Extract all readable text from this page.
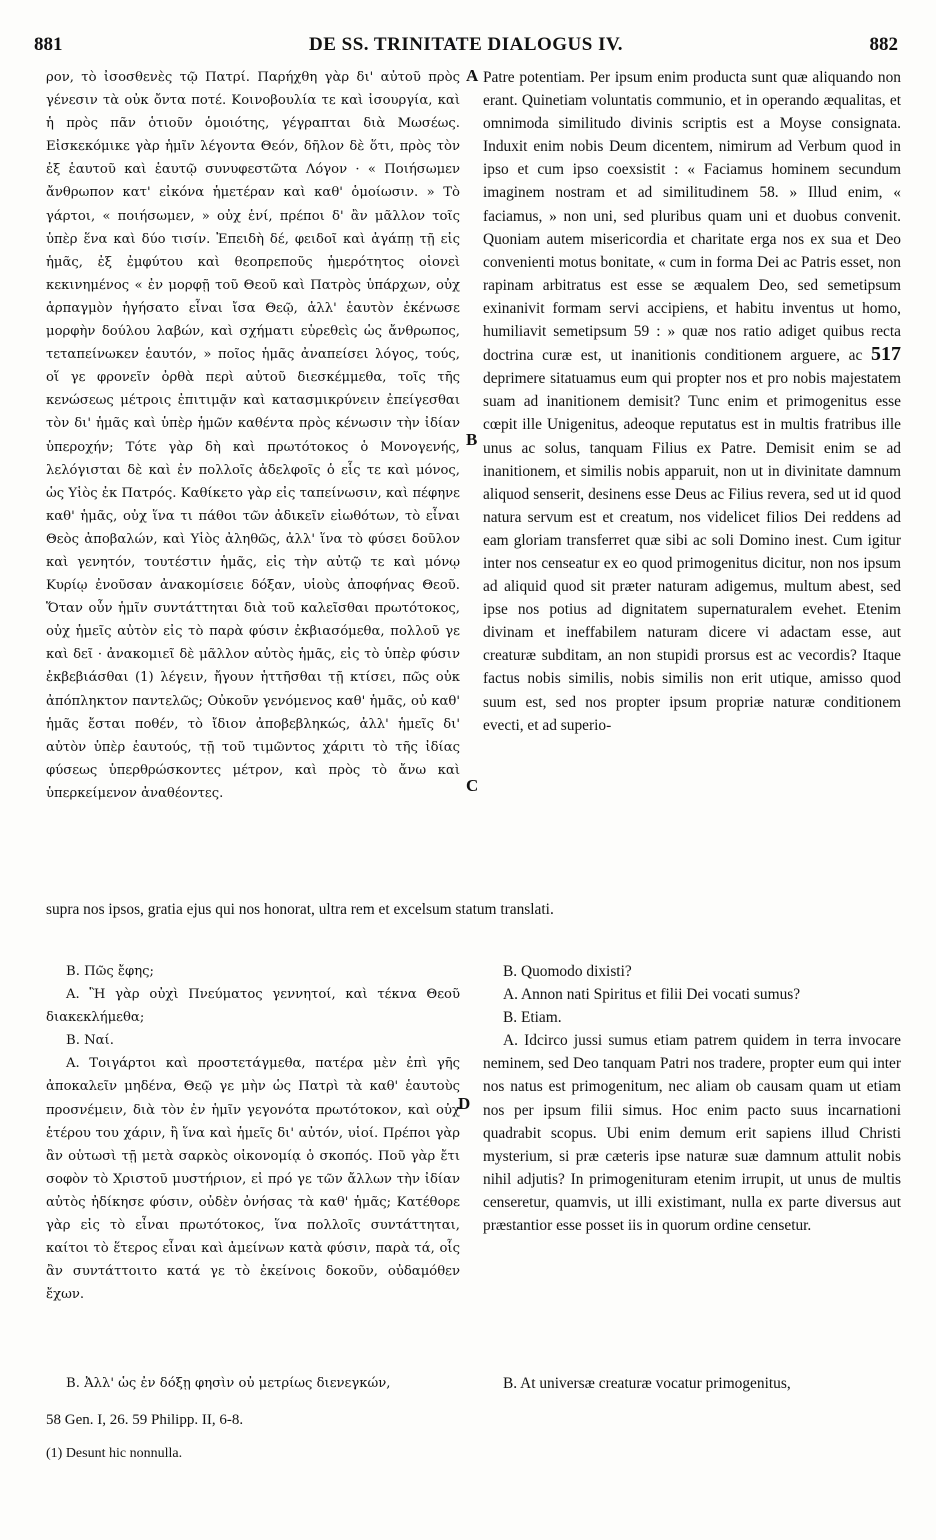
881	DE SS. TRINITATE DIALOGUS IV.	882

ρον, τὸ ἰσοσθενὲς τῷ Πατρί. Παρήχθη γὰρ δι' αὐτοῦ πρὸς γένεσιν τὰ οὐκ ὄντα ποτέ. Κοινοβουλία τε καὶ ἰσουργία, καὶ ἡ πρὸς πᾶν ὁτιοῦν ὁμοιότης, γέγραπται διὰ Μωσέως. Εἰσκεκόμικε γὰρ ἡμῖν λέγοντα Θεόν, δῆλον δὲ ὅτι, πρὸς τὸν ἐξ ἑαυτοῦ καὶ ἑαυτῷ συνυφεστῶτα Λόγον · « Ποιήσωμεν ἄνθρωπον κατ' εἰκόνα ἡμετέραν καὶ καθ' ὁμοίωσιν. » Τὸ γάρτοι, « ποιήσωμεν, » οὐχ ἑνί, πρέποι δ' ἂν μᾶλλον τοῖς ὑπὲρ ἕνα καὶ δύο τισίν. Ἐπειδὴ δέ, φειδοῖ καὶ ἀγάπῃ τῇ εἰς ἡμᾶς, ἐξ ἐμφύτου καὶ θεοπρεποῦς ἡμερότητος οἱονεὶ κεκινημένος « ἐν μορφῇ τοῦ Θεοῦ καὶ Πατρὸς ὑπάρχων, οὐχ ἁρπαγμὸν ἡγήσατο εἶναι ἴσα Θεῷ, ἀλλ' ἑαυτὸν ἐκένωσε μορφὴν δούλου λαβών, καὶ σχήματι εὑρεθεὶς ὡς ἄνθρωπος, τεταπείνωκεν ἑαυτόν, » ποῖος ἡμᾶς ἀναπείσει λόγος, τούς, οἵ γε φρονεῖν ὀρθὰ περὶ αὐτοῦ διεσκέμμεθα, τοῖς τῆς κενώσεως μέτροις ἐπιτιμᾷν καὶ κατασμικρύνειν ἐπείγεσθαι τὸν δι' ἡμᾶς καὶ ὑπὲρ ἡμῶν καθέντα πρὸς κένωσιν τὴν ἰδίαν ὑπεροχήν; Τότε γὰρ δὴ καὶ πρωτότοκος ὁ Μονογενής, λελόγισται δὲ καὶ ἐν πολλοῖς ἀδελφοῖς ὁ εἷς τε καὶ μόνος, ὡς Υἱὸς ἐκ Πατρός. Καθίκετο γὰρ εἰς ταπείνωσιν, καὶ πέφηνε καθ' ἡμᾶς, οὐχ ἵνα τι πάθοι τῶν ἀδικεῖν εἰωθότων, τὸ εἶναι Θεὸς ἀποβαλών, καὶ Υἱὸς ἀληθῶς, ἀλλ' ἵνα τὸ φύσει δοῦλον καὶ γενητόν, τουτέστιν ἡμᾶς, εἰς τὴν αὐτῷ τε καὶ μόνῳ Κυρίῳ ἐνοῦσαν ἀνακομίσειε δόξαν, υἱοὺς ἀποφήνας Θεοῦ. Ὅταν οὖν ἡμῖν συντάττηται διὰ τοῦ καλεῖσθαι πρωτότοκος, οὐχ ἡμεῖς αὐτὸν εἰς τὸ παρὰ φύσιν ἐκβιασόμεθα, πολλοῦ γε καὶ δεῖ · ἀνακομιεῖ δὲ μᾶλλον αὐτὸς ἡμᾶς, εἰς τὸ ὑπὲρ φύσιν ἐκβεβιάσθαι (1) λέγειν, ἤγουν ἡττῆσθαι τῇ κτίσει, πῶς οὐκ ἀπόπληκτον παντελῶς; Οὐκοῦν γενόμενος καθ' ἡμᾶς, οὐ καθ' ἡμᾶς ἔσται ποθέν, τὸ ἴδιον ἀποβεβληκώς, ἀλλ' ἡμεῖς δι' αὐτὸν ὑπὲρ ἑαυτούς, τῇ τοῦ τιμῶντος χάριτι τὸ τῆς ἰδίας φύσεως ὑπερθρώσκοντες μέτρον, καὶ πρὸς τὸ ἄνω καὶ ὑπερκείμενον ἀναθέοντες.

A
B
C
D

Patre potentiam. Per ipsum enim producta sunt quæ aliquando non erant. Quinetiam voluntatis communio, et in operando æqualitas, et omnimoda similitudo divinis scriptis est a Moyse consignata. Induxit enim nobis Deum dicentem, nimirum ad Verbum quod in ipso et cum ipso coexsistit : « Faciamus hominem secundum imaginem nostram et ad similitudinem 58. » Illud enim, « faciamus, » non uni, sed pluribus quam uni et duobus convenit. Quoniam autem misericordia et charitate erga nos ex sua et Deo convenienti motus bonitate, « cum in forma Dei ac Patris esset, non rapinam arbitratus est esse se æqualem Deo, sed semetipsum exinanivit formam servi accipiens, et habitu inventus ut homo, humiliavit semetipsum 59 : » quæ nos ratio adiget quibus recta doctrina curæ est, ut inanitionis conditionem arguere, ac 517 deprimere sitatuamus eum qui propter nos et pro nobis majestatem suam ad inanitionem demisit? Tunc enim et primogenitus esse cœpit ille Unigenitus, adeoque reputatus est in multis fratribus ille unus ac solus, tanquam Filius ex Patre. Demisit enim se ad inanitionem, et similis nobis apparuit, non ut in divinitate damnum aliquod senserit, desinens esse Deus ac Filius revera, sed ut id quod natura servum est et creatum, nos videlicet filios Dei reddens ad eam gloriam transferret quæ sibi ac soli Domino inest. Cum igitur inter nos censeatur ex eo quod primogenitus dicitur, non nos ipsum ad aliquid quod sit præter naturam adigemus, multum abest, sed ipse nos potius ad dignitatem supernaturalem evehet. Etenim divinam et ineffabilem naturam dicere vi adactam esse, aut creaturæ subditam, an non stupidi prorsus est ac vecordis? Itaque factus nobis similis, nobis similis non erit utique, amisso quod suum est, sed nos propter ipsum propriæ naturæ conditionem evecti, et ad superio-

supra nos ipsos, gratia ejus qui nos honorat, ultra rem et excelsum statum translati.
B. Πῶς ἔφης;
A. Ἢ γὰρ οὐχὶ Πνεύματος γεννητοί, καὶ τέκνα Θεοῦ διακεκλήμεθα;
B. Ναί.
A. Τοιγάρτοι καὶ προστετάγμεθα, πατέρα μὲν ἐπὶ γῆς ἀποκαλεῖν μηδένα, Θεῷ γε μὴν ὡς Πατρὶ τὰ καθ' ἑαυτοὺς προσνέμειν, διὰ τὸν ἐν ἡμῖν γεγονότα πρωτότοκον, καὶ οὐχ ἑτέρου του χάριν, ἢ ἵνα καὶ ἡμεῖς δι' αὐτόν, υἱοί. Πρέποι γὰρ ἂν οὑτωσὶ τῇ μετὰ σαρκὸς οἰκονομίᾳ ὁ σκοπός. Ποῦ γὰρ ἔτι σοφὸν τὸ Χριστοῦ μυστήριον, εἰ πρό γε τῶν ἄλλων τὴν ἰδίαν αὐτὸς ἠδίκησε φύσιν, οὐδὲν ὀνήσας τὰ καθ' ἡμᾶς; Κατέθορε γὰρ εἰς τὸ εἶναι πρωτότοκος, ἵνα πολλοῖς συντάττηται, καίτοι τὸ ἕτερος εἶναι καὶ ἀμείνων κατὰ φύσιν, παρὰ τά, οἷς ἂν συντάττοιτο κατά γε τὸ ἐκείνοις δοκοῦν, οὐδαμόθεν ἔχων.
B. Quomodo dixisti?
A. Annon nati Spiritus et filii Dei vocati sumus?
B. Etiam.
A. Idcirco jussi sumus etiam patrem quidem in terra invocare neminem, sed Deo tanquam Patri nos tradere, propter eum qui inter nos natus est primogenitum, nec aliam ob causam quam ut etiam nos per ipsum filii simus. Hoc enim pacto suus incarnationi quadrabit scopus. Ubi enim demum erit sapiens illud Christi mysterium, si præ cæteris ipse naturæ suæ damnum attulit nobis nihil adjutis? In primogenituram etenim irrupit, ut unus de multis censeretur, quamvis, ut illi existimant, nulla ex parte diversus aut præstantior esse posset iis in quorum ordine censetur.
B. Ἀλλ' ὡς ἐν δόξῃ φησὶν οὐ μετρίως διενεγκών,	B. At universæ creaturæ vocatur primogenitus,
58 Gen. I, 26. 59 Philipp. II, 6-8.
(1) Desunt hic nonnulla.
